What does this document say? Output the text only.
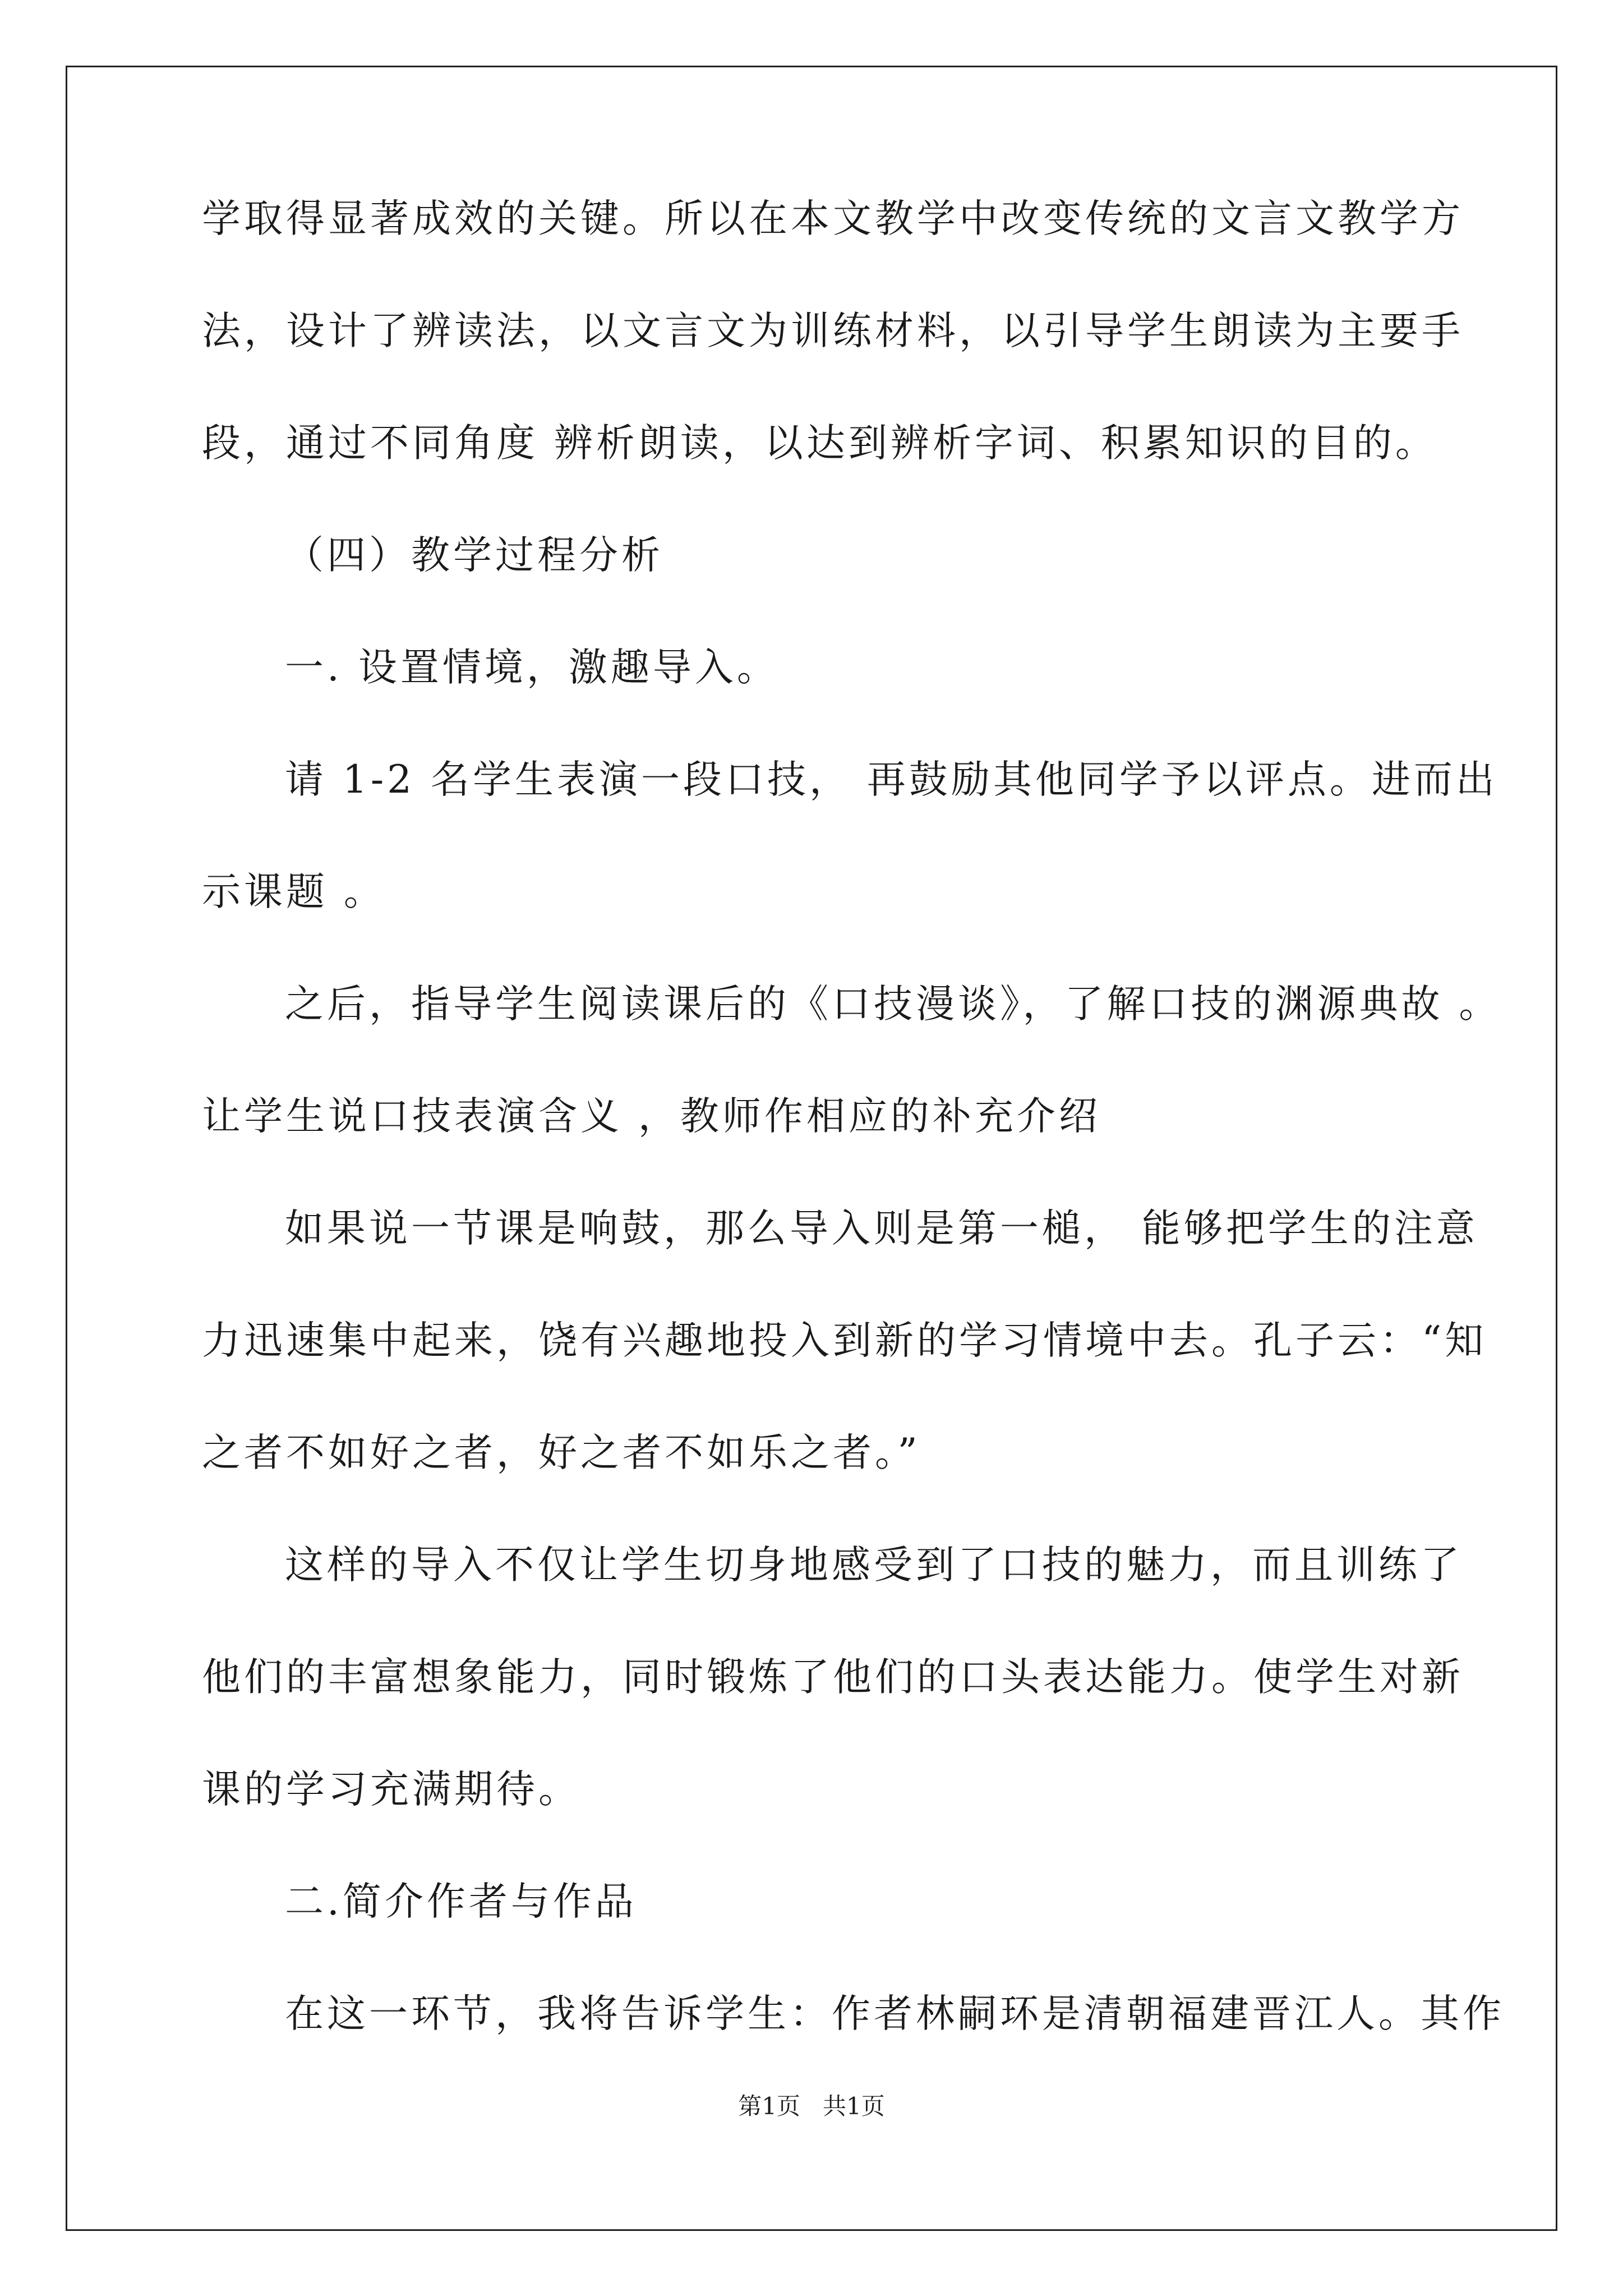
学取得显著成效的关键。所以在本文教学中改变传统的文言文教学方
法，设计了辨读法，以文言文为训练材料，以引导学生朗读为主要手
段，通过不同角度 辨析朗读，以达到辨析字词、积累知识的目的。
（四）教学过程分析
一. 设置情境，激趣导入。
请 1-2 名学生表演一段口技， 再鼓励其他同学予以评点。进而出
示课题 。
之后，指导学生阅读课后的《口技漫谈》，了解口技的渊源典故 。
让学生说口技表演含义 ，教师作相应的补充介绍
如果说一节课是响鼓，那么导入则是第一槌， 能够把学生的注意
力迅速集中起来，饶有兴趣地投入到新的学习情境中去。孔子云：“知
之者不如好之者，好之者不如乐之者。”
这样的导入不仅让学生切身地感受到了口技的魅力，而且训练了
他们的丰富想象能力，同时锻炼了他们的口头表达能力。使学生对新
课的学习充满期待。
二.简介作者与作品
在这一环节，我将告诉学生：作者林嗣环是清朝福建晋江人。其作
第1页   共1页
